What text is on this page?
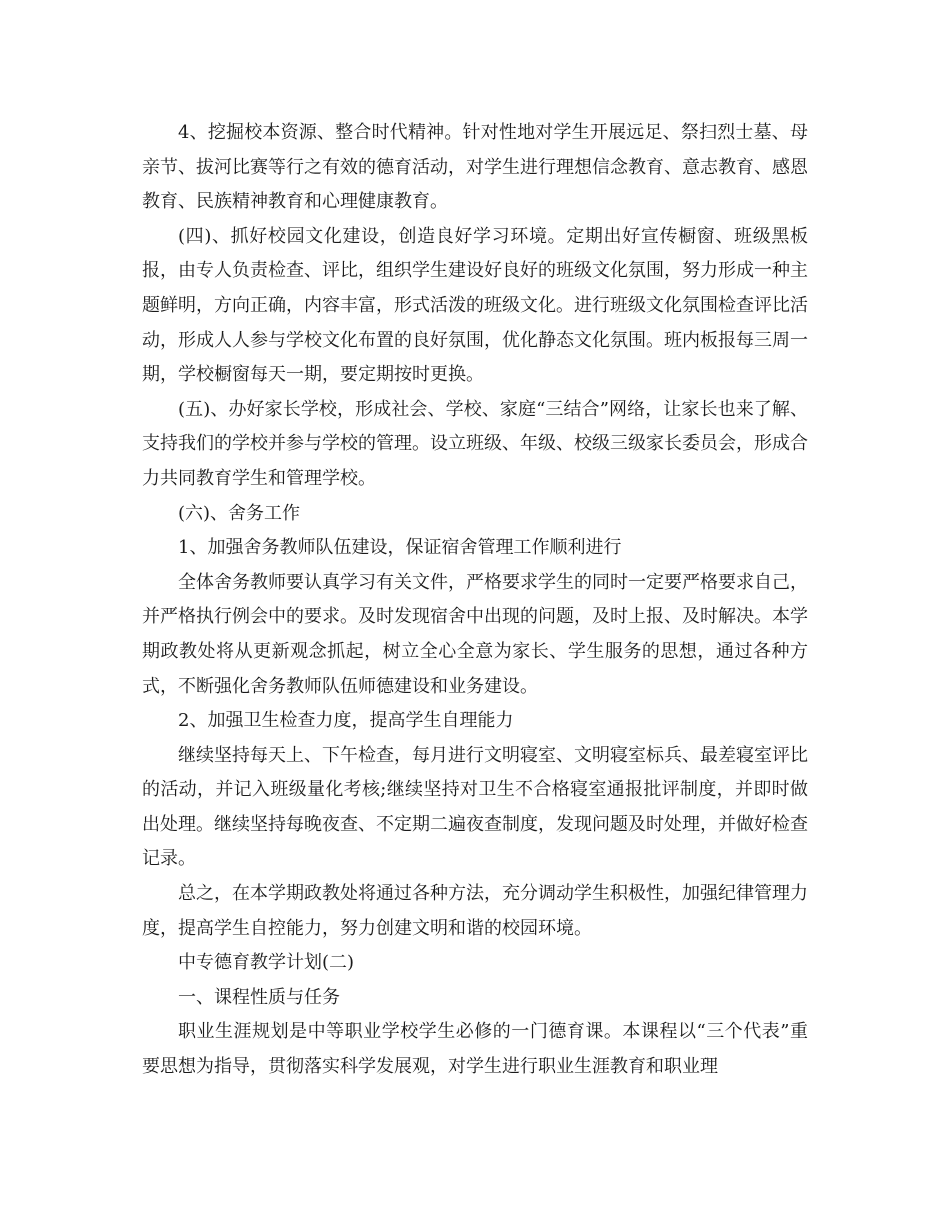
4、挖掘校本资源、整合时代精神。针对性地对学生开展远足、祭扫烈士墓、母亲节、拔河比赛等行之有效的德育活动，对学生进行理想信念教育、意志教育、感恩教育、民族精神教育和心理健康教育。

(四)、抓好校园文化建设，创造良好学习环境。定期出好宣传橱窗、班级黑板报，由专人负责检查、评比，组织学生建设好良好的班级文化氛围，努力形成一种主题鲜明，方向正确，内容丰富，形式活泼的班级文化。进行班级文化氛围检查评比活动，形成人人参与学校文化布置的良好氛围，优化静态文化氛围。班内板报每三周一期，学校橱窗每天一期，要定期按时更换。

(五)、办好家长学校，形成社会、学校、家庭“三结合”网络，让家长也来了解、支持我们的学校并参与学校的管理。设立班级、年级、校级三级家长委员会，形成合力共同教育学生和管理学校。

(六)、舍务工作

1、加强舍务教师队伍建设，保证宿舍管理工作顺利进行

全体舍务教师要认真学习有关文件，严格要求学生的同时一定要严格要求自己，并严格执行例会中的要求。及时发现宿舍中出现的问题，及时上报、及时解决。本学期政教处将从更新观念抓起，树立全心全意为家长、学生服务的思想，通过各种方式，不断强化舍务教师队伍师德建设和业务建设。

2、加强卫生检查力度，提高学生自理能力

继续坚持每天上、下午检查，每月进行文明寝室、文明寝室标兵、最差寝室评比的活动，并记入班级量化考核;继续坚持对卫生不合格寝室通报批评制度，并即时做出处理。继续坚持每晚夜查、不定期二遍夜查制度，发现问题及时处理，并做好检查记录。

总之，在本学期政教处将通过各种方法，充分调动学生积极性，加强纪律管理力度，提高学生自控能力，努力创建文明和谐的校园环境。

中专德育教学计划(二)

一、课程性质与任务

职业生涯规划是中等职业学校学生必修的一门德育课。本课程以“三个代表”重要思想为指导，贯彻落实科学发展观，对学生进行职业生涯教育和职业理
